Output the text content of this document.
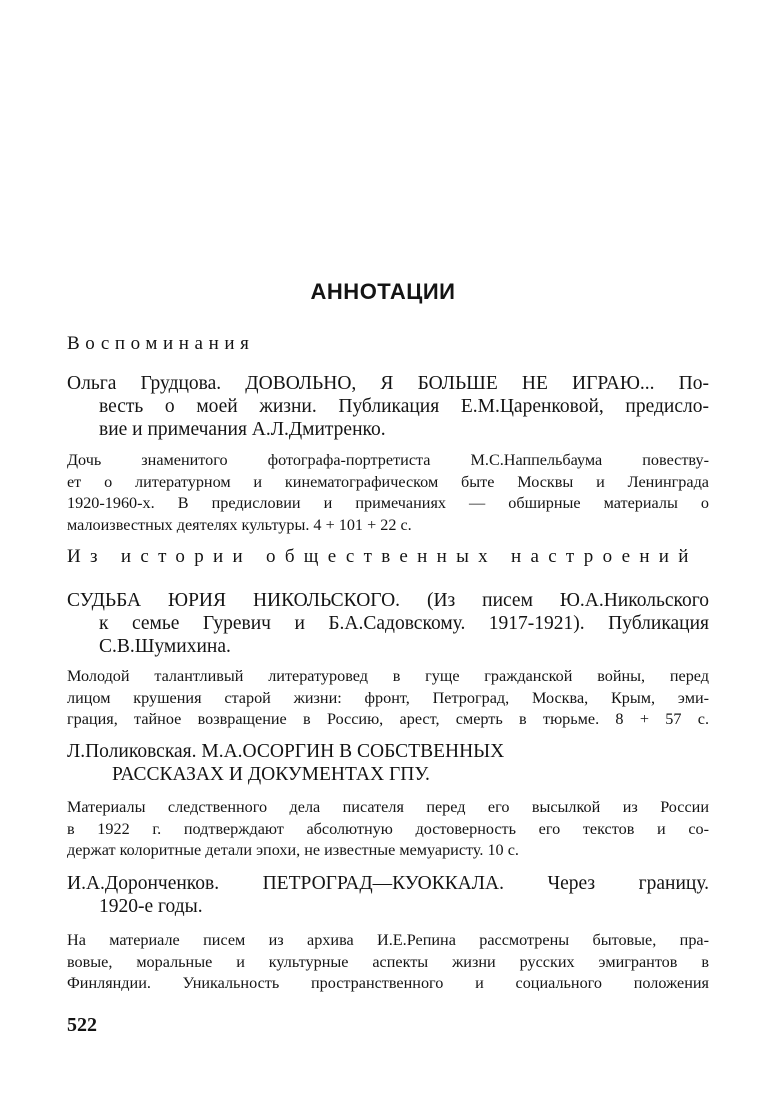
АННОТАЦИИ
Воспоминания
Ольга Грудцова. ДОВОЛЬНО, Я БОЛЬШЕ НЕ ИГРАЮ... По-
весть о моей жизни. Публикация Е.М.Царенковой, предисло-
вие и примечания А.Л.Дмитренко.
Дочь знаменитого фотографа-портретиста М.С.Наппельбаума повеству-
ет о литературном и кинематографическом быте Москвы и Ленинграда
1920-1960-х. В предисловии и примечаниях — обширные материалы о
малоизвестных деятелях культуры. 4 + 101 + 22 с.
Из истории общественных настроений
СУДЬБА ЮРИЯ НИКОЛЬСКОГО. (Из писем Ю.А.Никольского
к семье Гуревич и Б.А.Садовскому. 1917-1921). Публикация
С.В.Шумихина.
Молодой талантливый литературовед в гуще гражданской войны, перед
лицом крушения старой жизни: фронт, Петроград, Москва, Крым, эми-
грация, тайное возвращение в Россию, арест, смерть в тюрьме. 8 + 57 с.
Л.Поликовская. М.А.ОСОРГИН В СОБСТВЕННЫХ
РАССКАЗАХ И ДОКУМЕНТАХ ГПУ.
Материалы следственного дела писателя перед его высылкой из России
в 1922 г. подтверждают абсолютную достоверность его текстов и со-
держат колоритные детали эпохи, не известные мемуаристу. 10 с.
И.А.Доронченков. ПЕТРОГРАД—КУОККАЛА. Через границу.
1920-е годы.
На материале писем из архива И.Е.Репина рассмотрены бытовые, пра-
вовые, моральные и культурные аспекты жизни русских эмигрантов в
Финляндии. Уникальность пространственного и социального положения
522
